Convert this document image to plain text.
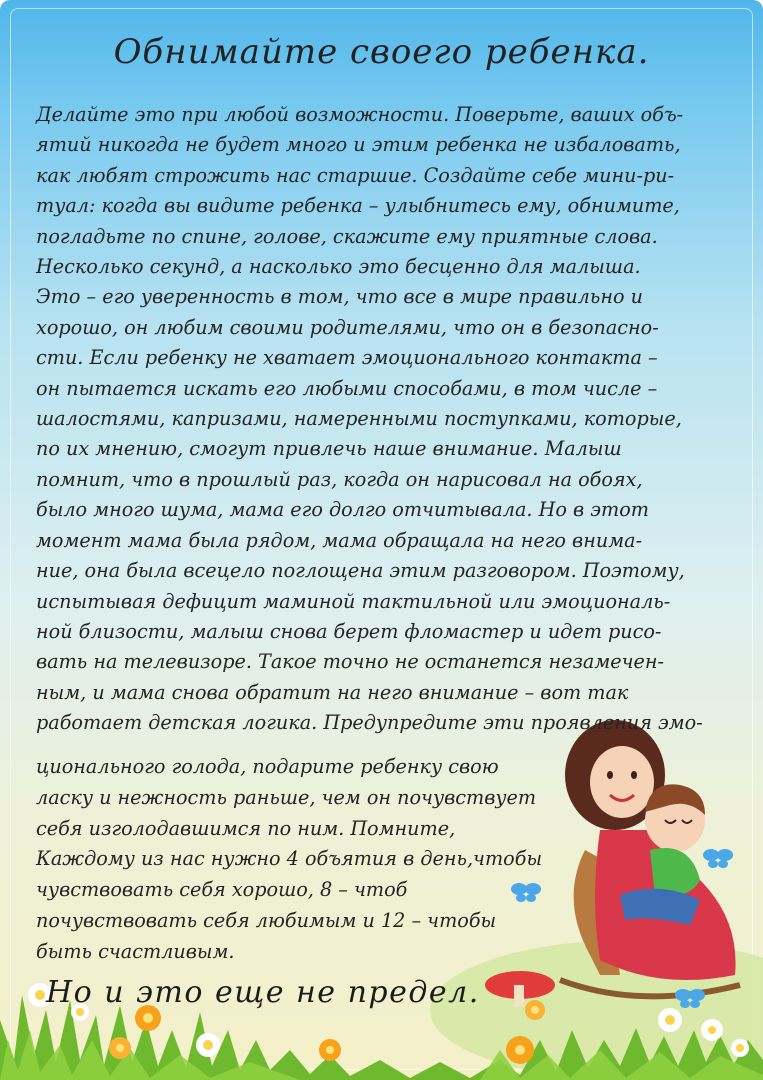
Обнимайте своего ребенка.
Делайте это при любой возможности. Поверьте, ваших объ-
ятий никогда не будет много и этим ребенка не избаловать,
как любят строжить нас старшие. Создайте себе мини-ри-
туал: когда вы видите ребенка – улыбнитесь ему, обнимите,
погладьте по спине, голове, скажите ему приятные слова.
Несколько секунд, а насколько это бесценно для малыша.
Это – его уверенность в том, что все в мире правильно и
хорошо, он любим своими родителями, что он в безопасно-
сти. Если ребенку не хватает эмоционального контакта –
он пытается искать его любыми способами, в том числе –
шалостями, капризами, намеренными поступками, которые,
по их мнению, смогут привлечь наше внимание. Малыш
помнит, что в прошлый раз, когда он нарисовал на обоях,
было много шума, мама его долго отчитывала. Но в этот
момент мама была рядом, мама обращала на него внима-
ние, она была всецело поглощена этим разговором. Поэтому,
испытывая дефицит маминой тактильной или эмоциональ-
ной близости, малыш снова берет фломастер и идет рисо-
вать на телевизоре. Такое точно не останется незамечен-
ным, и мама снова обратит на него внимание – вот так
работает детская логика. Предупредите эти проявления эмо-
ционального голода, подарите ребенку свою
ласку и нежность раньше, чем он почувствует
себя изголодавшимся по ним. Помните,
Каждому из нас нужно 4 объятия в день,чтобы
чувствовать себя хорошо, 8 – чтоб
почувствовать себя любимым и 12 – чтобы
быть счастливым.
Но и это еще не предел.
